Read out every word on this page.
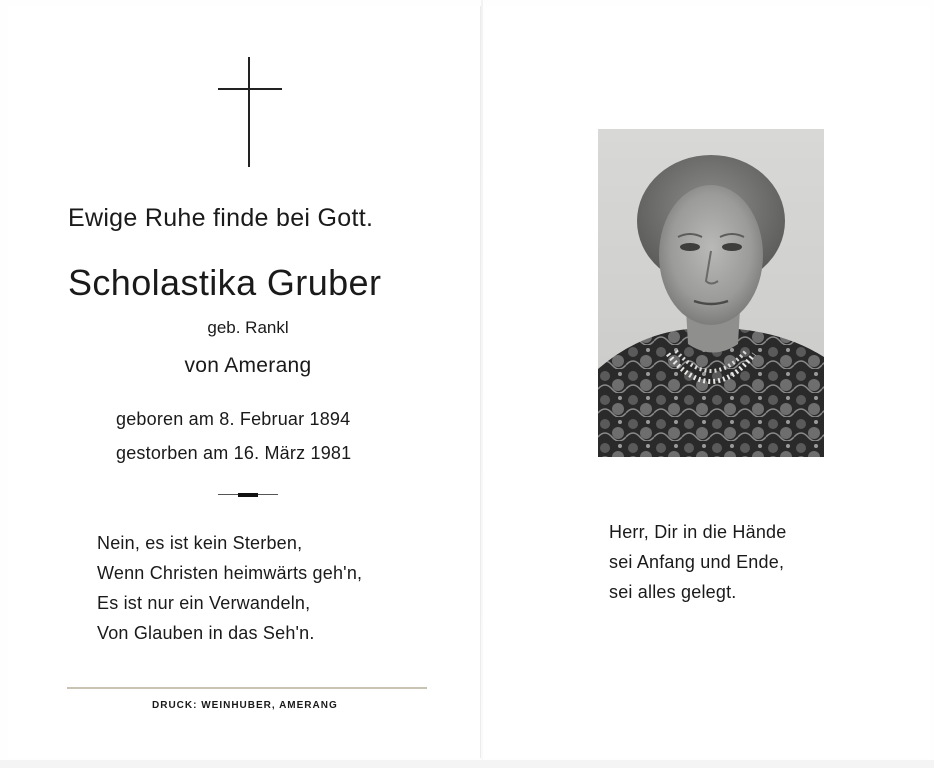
Ewige Ruhe finde bei Gott.
Scholastika Gruber
geb. Rankl
von Amerang
geboren am 8. Februar 1894
gestorben am 16. März 1981
Nein, es ist kein Sterben,
Wenn Christen heimwärts geh'n,
Es ist nur ein Verwandeln,
Von Glauben in das Seh'n.
DRUCK: WEINHUBER, AMERANG
Herr, Dir in die Hände
sei Anfang und Ende,
sei alles gelegt.
